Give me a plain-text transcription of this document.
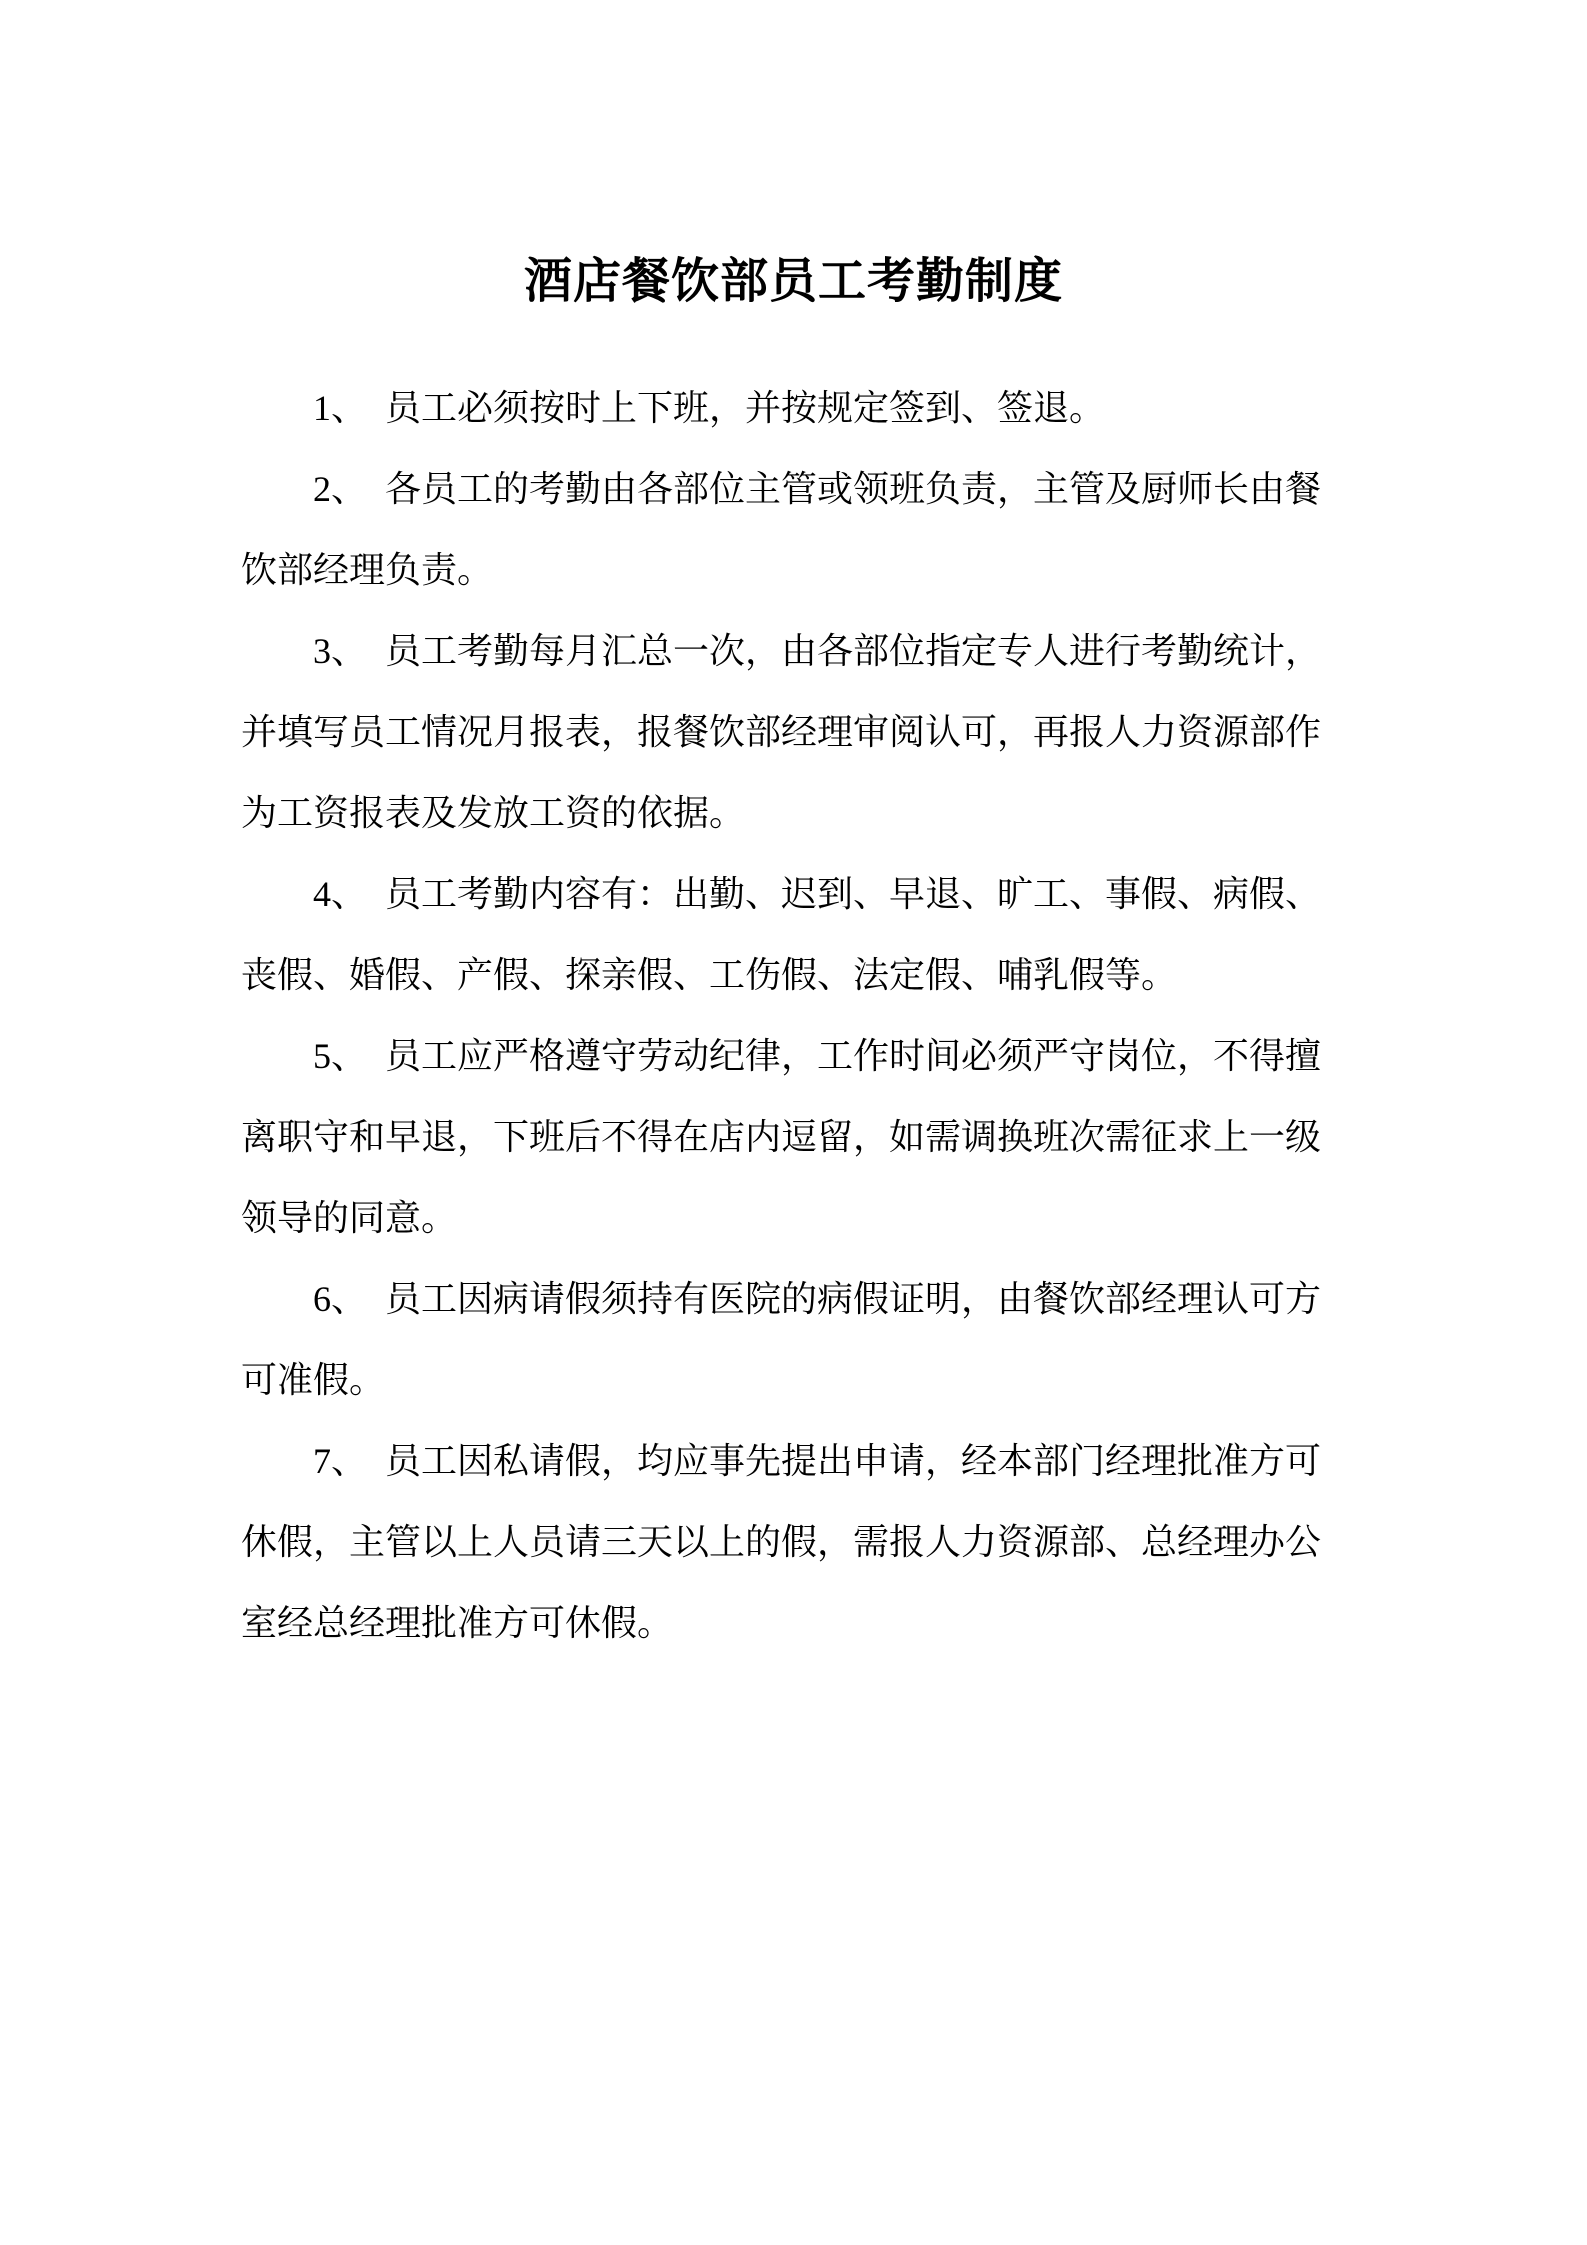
酒店餐饮部员工考勤制度
1、　员工必须按时上下班，并按规定签到、签退。
2、　各员工的考勤由各部位主管或领班负责，主管及厨师长由餐
饮部经理负责。
3、　员工考勤每月汇总一次，由各部位指定专人进行考勤统计，
并填写员工情况月报表，报餐饮部经理审阅认可，再报人力资源部作
为工资报表及发放工资的依据。
4、　员工考勤内容有：出勤、迟到、早退、旷工、事假、病假、
丧假、婚假、产假、探亲假、工伤假、法定假、哺乳假等。
5、　员工应严格遵守劳动纪律，工作时间必须严守岗位，不得擅
离职守和早退，下班后不得在店内逗留，如需调换班次需征求上一级
领导的同意。
6、　员工因病请假须持有医院的病假证明，由餐饮部经理认可方
可准假。
7、　员工因私请假，均应事先提出申请，经本部门经理批准方可
休假，主管以上人员请三天以上的假，需报人力资源部、总经理办公
室经总经理批准方可休假。
